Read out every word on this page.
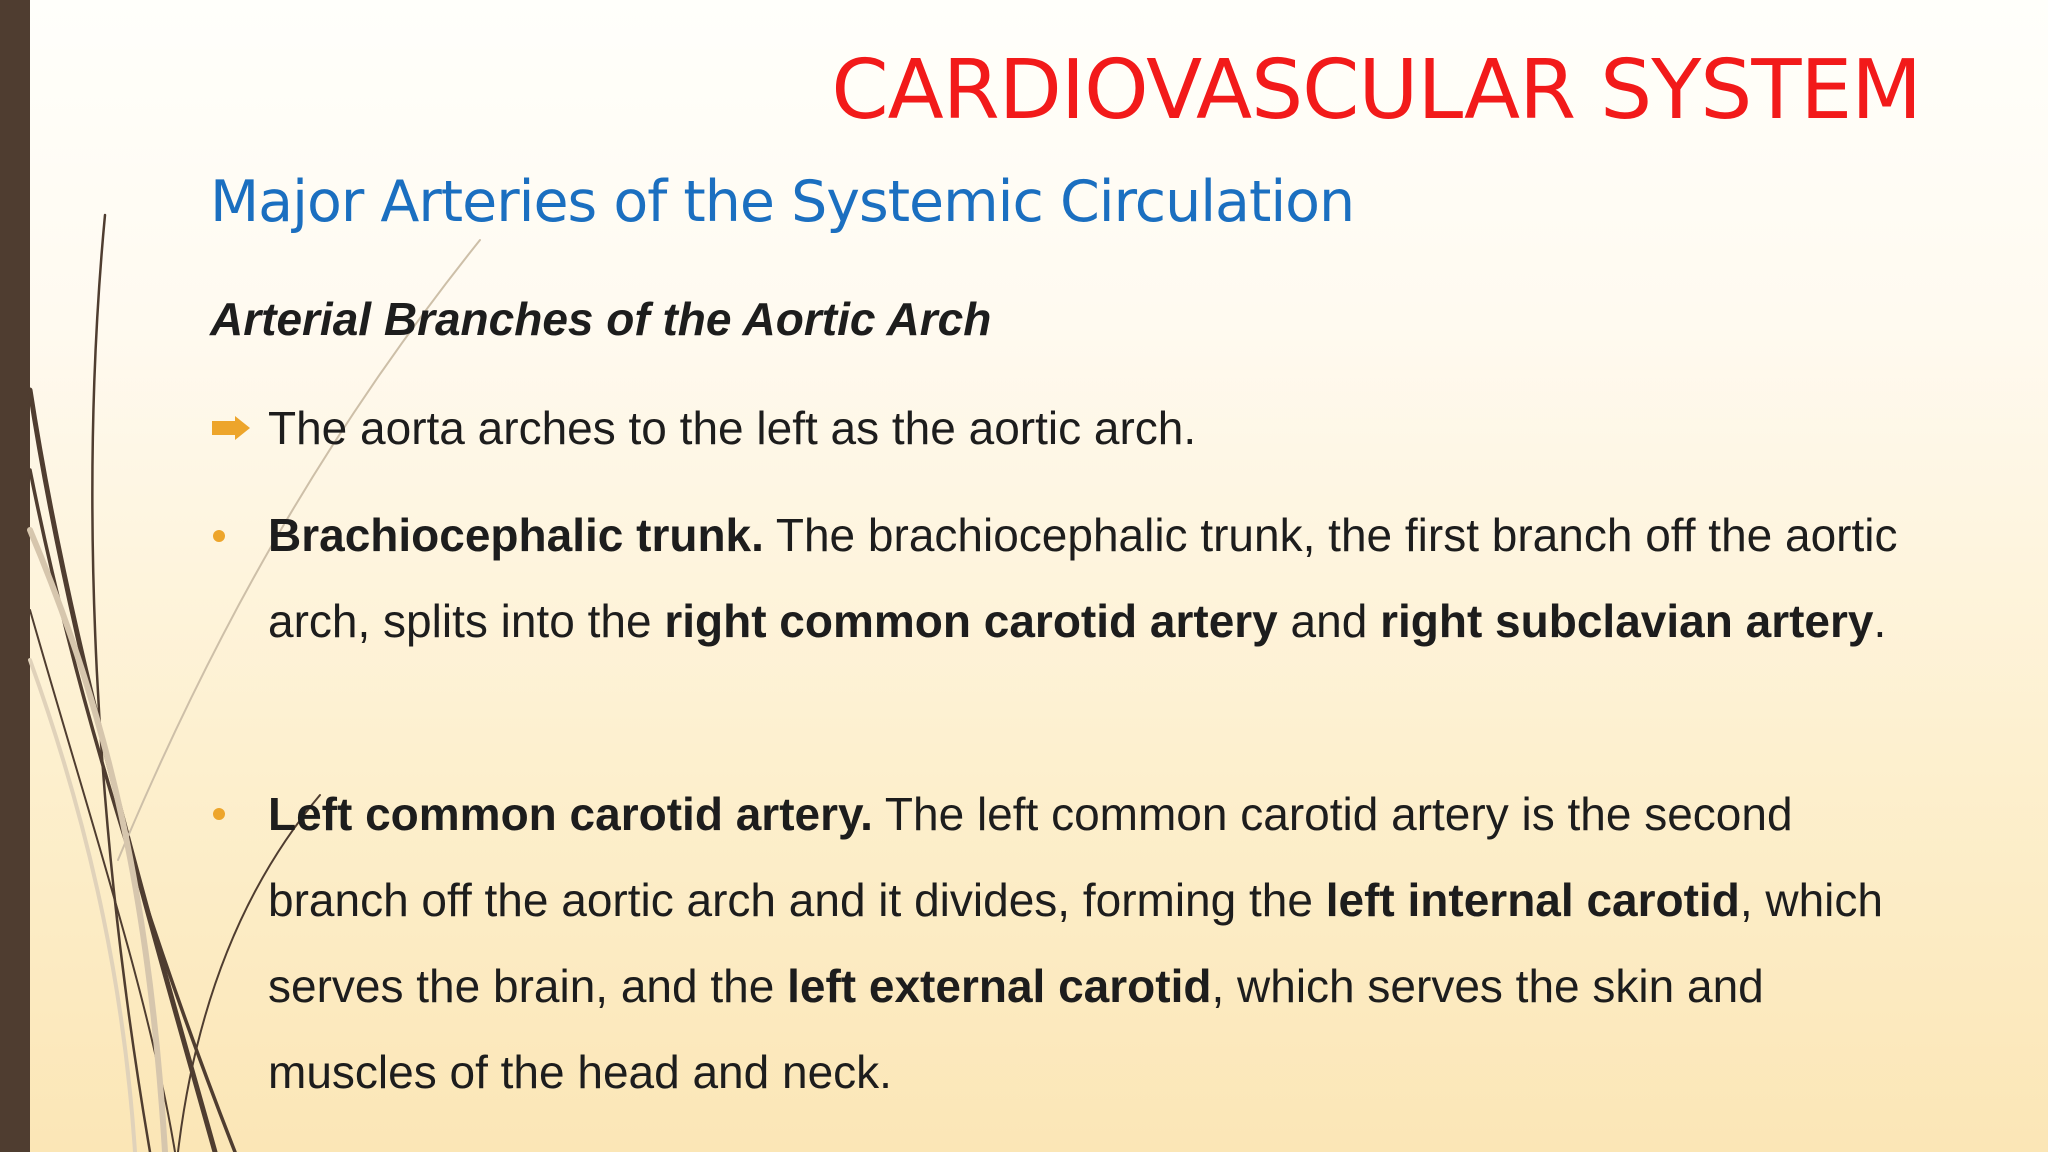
CARDIOVASCULAR SYSTEM
Major Arteries of the Systemic Circulation
Arterial Branches of the Aortic Arch

The aorta arches to the left as the aortic arch.

Brachiocephalic trunk. The brachiocephalic trunk, the first branch off the aortic arch, splits into the right common carotid artery and right subclavian artery.

Left common carotid artery. The left common carotid artery is the second branch off the aortic arch and it divides, forming the left internal carotid, which serves the brain, and the left external carotid, which serves the skin and muscles of the head and neck.
